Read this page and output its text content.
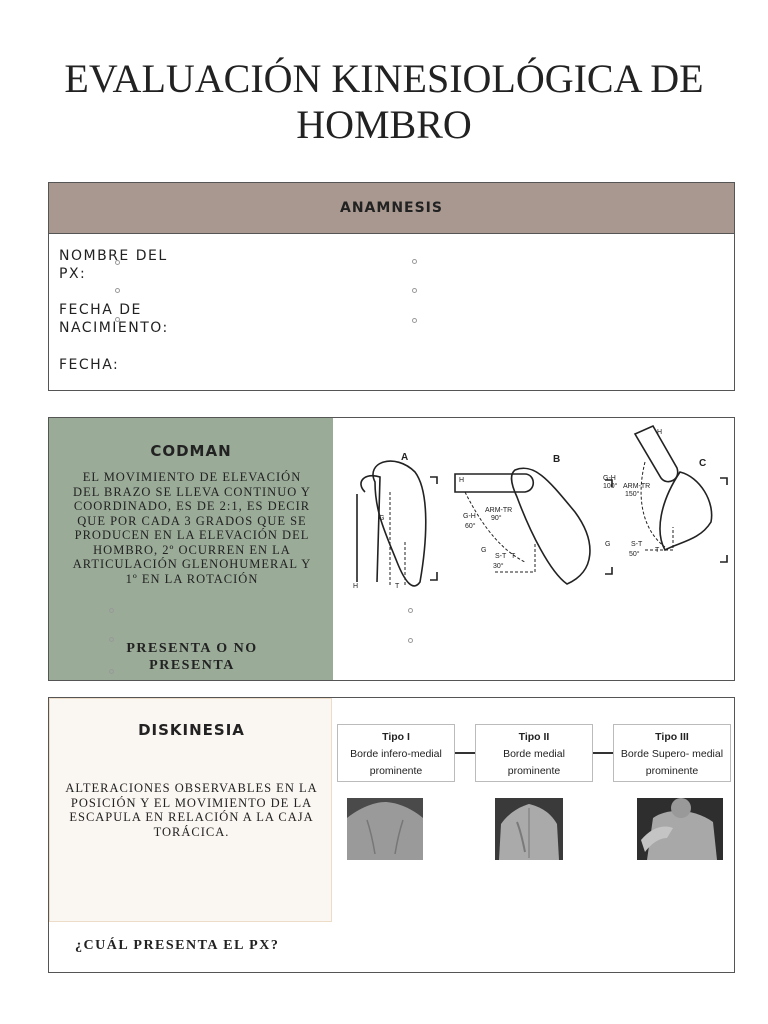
EVALUACIÓN KINESIOLÓGICA DE HOMBRO
ANAMNESIS
NOMBRE DEL PX:
FECHA DE NACIMIENTO:
FECHA:
CODMAN
EL MOVIMIENTO DE ELEVACIÓN DEL BRAZO SE LLEVA CONTINUO Y COORDINADO, ES DE 2:1, ES DECIR QUE POR CADA 3 GRADOS QUE SE PRODUCEN EN LA ELEVACIÓN DEL HOMBRO, 2º OCURREN EN LA ARTICULACIÓN GLENOHUMERAL Y 1º EN LA ROTACIÓN
PRESENTA O NO PRESENTA
A	B	C
G
H	T
H
ARM-TR
G-H 90°
60°
G
S-T T
30°
H
G-H
100° ARM-TR
150°
G	S-T
T
50°
DISKINESIA
ALTERACIONES OBSERVABLES EN LA POSICIÓN Y EL MOVIMIENTO DE LA ESCAPULA EN RELACIÓN A LA CAJA TORÁCICA.
Tipo I
Borde infero-medial prominente
Tipo II
Borde medial prominente
Tipo III
Borde Supero- medial prominente
¿CUÁL PRESENTA EL PX?
